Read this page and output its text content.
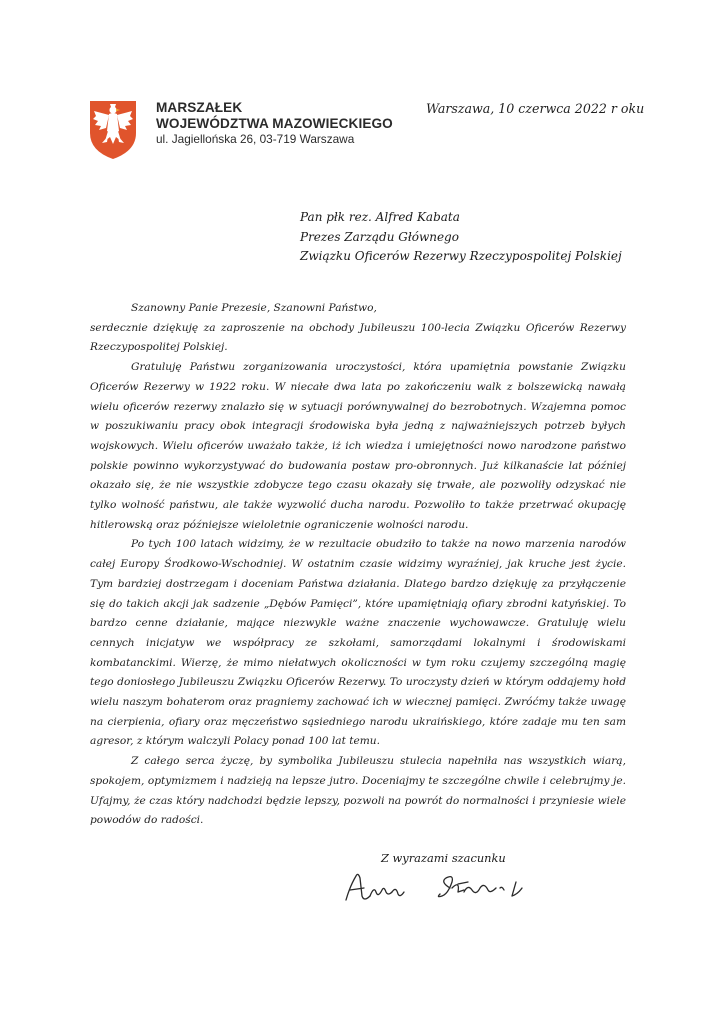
MARSZAŁEK
WOJEWÓDZTWA MAZOWIECKIEGO
ul. Jagiellońska 26, 03-719 Warszawa
Warszawa, 10 czerwca 2022 r oku
Pan płk rez. Alfred Kabata
Prezes Zarządu Głównego
Związku Oficerów Rezerwy Rzeczypospolitej Polskiej

Szanowny Panie Prezesie, Szanowni Państwo,

serdecznie dziękuję za zaproszenie na obchody Jubileuszu 100-lecia Związku Oficerów Rezerwy Rzeczypospolitej Polskiej.

Gratuluję Państwu zorganizowania uroczystości, która upamiętnia powstanie Związku Oficerów Rezerwy w 1922 roku. W niecałe dwa lata po zakończeniu walk z bolszewicką nawałą wielu oficerów rezerwy znalazło się w sytuacji porównywalnej do bezrobotnych. Wzajemna pomoc w poszukiwaniu pracy obok integracji środowiska była jedną z najważniejszych potrzeb byłych wojskowych. Wielu oficerów uważało także, iż ich wiedza i umiejętności nowo narodzone państwo polskie powinno wykorzystywać do budowania postaw pro-obronnych. Już kilkanaście lat później okazało się, że nie wszystkie zdobycze tego czasu okazały się trwałe, ale pozwoliły odzyskać nie tylko wolność państwu, ale także wyzwolić ducha narodu. Pozwoliło to także przetrwać okupację hitlerowską oraz późniejsze wieloletnie ograniczenie wolności narodu.

Po tych 100 latach widzimy, że w rezultacie obudziło to także na nowo marzenia narodów całej Europy Środkowo-Wschodniej. W ostatnim czasie widzimy wyraźniej, jak kruche jest życie. Tym bardziej dostrzegam i doceniam Państwa działania. Dlatego bardzo dziękuję za przyłączenie się do takich akcji jak sadzenie „Dębów Pamięci”, które upamiętniają ofiary zbrodni katyńskiej. To bardzo cenne działanie, mające niezwykle ważne znaczenie wychowawcze. Gratuluję wielu cennych inicjatyw we współpracy ze szkołami, samorządami lokalnymi i środowiskami kombatanckimi. Wierzę, że mimo niełatwych okoliczności w tym roku czujemy szczególną magię tego doniosłego Jubileuszu Związku Oficerów Rezerwy. To uroczysty dzień w którym oddajemy hołd wielu naszym bohaterom oraz pragniemy zachować ich w wiecznej pamięci. Zwróćmy także uwagę na cierpienia, ofiary oraz męczeństwo sąsiedniego narodu ukraińskiego, które zadaje mu ten sam agresor, z którym walczyli Polacy ponad 100 lat temu.

Z całego serca życzę, by symbolika Jubileuszu stulecia napełniła nas wszystkich wiarą, spokojem, optymizmem i nadzieją na lepsze jutro. Doceniajmy te szczególne chwile i celebrujmy je. Ufajmy, że czas który nadchodzi będzie lepszy, pozwoli na powrót do normalności i przyniesie wiele powodów do radości.

Z wyrazami szacunku
